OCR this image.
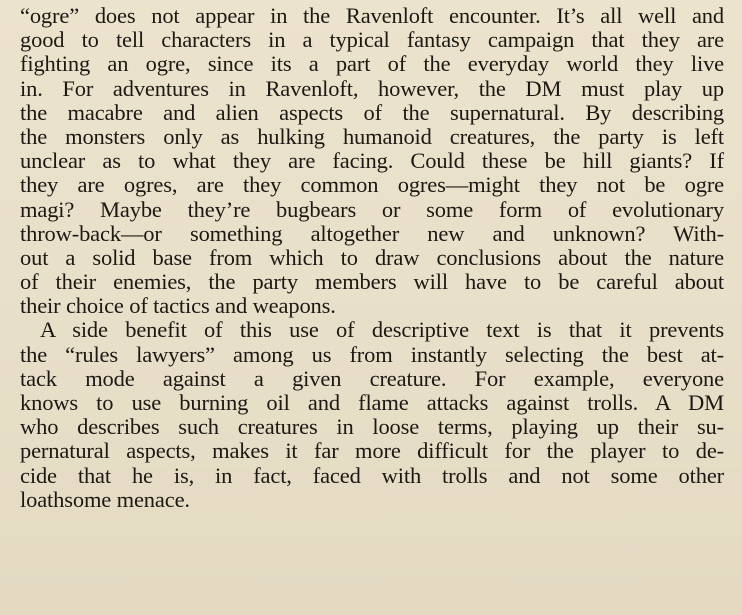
“ogre” does not appear in the Ravenloft encounter. It’s all well and
good to tell characters in a typical fantasy campaign that they are
fighting an ogre, since its a part of the everyday world they live
in. For adventures in Ravenloft, however, the DM must play up
the macabre and alien aspects of the supernatural. By describing
the monsters only as hulking humanoid creatures, the party is left
unclear as to what they are facing. Could these be hill giants? If
they are ogres, are they common ogres—might they not be ogre
magi? Maybe they’re bugbears or some form of evolutionary
throw-back—or something altogether new and unknown? With-
out a solid base from which to draw conclusions about the nature
of their enemies, the party members will have to be careful about
their choice of tactics and weapons.
A side benefit of this use of descriptive text is that it prevents
the “rules lawyers” among us from instantly selecting the best at-
tack mode against a given creature. For example, everyone
knows to use burning oil and flame attacks against trolls. A DM
who describes such creatures in loose terms, playing up their su-
pernatural aspects, makes it far more difficult for the player to de-
cide that he is, in fact, faced with trolls and not some other
loathsome menace.
